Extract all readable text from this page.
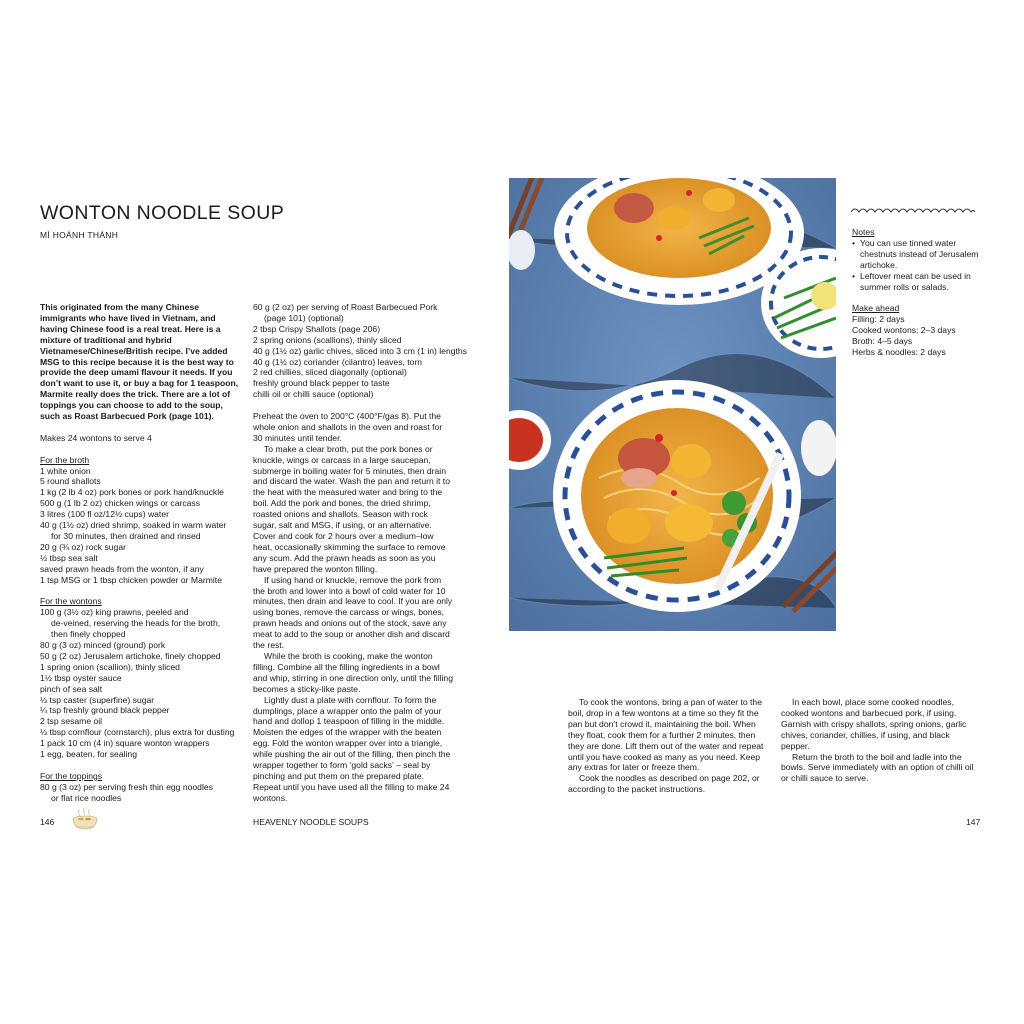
WONTON NOODLE SOUP
MÌ HOÀNH THÁNH

This originated from the many Chinese immigrants who have lived in Vietnam, and having Chinese food is a real treat. Here is a mixture of traditional and hybrid Vietnamese/Chinese/British recipe. I’ve added MSG to this recipe because it is the best way to provide the deep umami flavour it needs. If you don’t want to use it, or buy a bag for 1 teaspoon, Marmite really does the trick. There are a lot of toppings you can choose to add to the soup, such as Roast Barbecued Pork (page 101).

Makes 24 wontons to serve 4

For the broth

1 white onion

5 round shallots

1 kg (2 lb 4 oz) pork bones or pork hand/knuckle

500 g (1 lb 2 oz) chicken wings or carcass

3 litres (100 fl oz/12½ cups) water

40 g (1½ oz) dried shrimp, soaked in warm water

for 30 minutes, then drained and rinsed

20 g (¾ oz) rock sugar

½ tbsp sea salt

saved prawn heads from the wonton, if any

1 tsp MSG or 1 tbsp chicken powder or Marmite

For the wontons

100 g (3½ oz) king prawns, peeled and

de-veined, reserving the heads for the broth,

then finely chopped

80 g (3 oz) minced (ground) pork

50 g (2 oz) Jerusalem artichoke, finely chopped

1 spring onion (scallion), thinly sliced

1½ tbsp oyster sauce

pinch of sea salt

½ tsp caster (superfine) sugar

¼ tsp freshly ground black pepper

2 tsp sesame oil

½ tbsp cornflour (cornstarch), plus extra for dusting

1 pack 10 cm (4 in) square wonton wrappers

1 egg, beaten, for sealing

For the toppings

80 g (3 oz) per serving fresh thin egg noodles

or flat rice noodles

60 g (2 oz) per serving of Roast Barbecued Pork

(page 101) (optional)

2 tbsp Crispy Shallots (page 206)

2 spring onions (scallions), thinly sliced

40 g (1½ oz) garlic chives, sliced into 3 cm (1 in) lengths

40 g (1½ oz) coriander (cilantro) leaves, torn

2 red chillies, sliced diagonally (optional)

freshly ground black pepper to taste

chilli oil or chilli sauce (optional)

Preheat the oven to 200°C (400°F/gas 8). Put the whole onion and shallots in the oven and roast for 30 minutes until tender.

To make a clear broth, put the pork bones or knuckle, wings or carcass in a large saucepan, submerge in boiling water for 5 minutes, then drain and discard the water. Wash the pan and return it to the heat with the measured water and bring to the boil. Add the pork and bones, the dried shrimp, roasted onions and shallots. Season with rock sugar, salt and MSG, if using, or an alternative. Cover and cook for 2 hours over a medium–low heat, occasionally skimming the surface to remove any scum. Add the prawn heads as soon as you have prepared the wonton filling.

If using hand or knuckle, remove the pork from the broth and lower into a bowl of cold water for 10 minutes, then drain and leave to cool. If you are only using bones, remove the carcass or wings, bones, prawn heads and onions out of the stock, save any meat to add to the soup or another dish and discard the rest.

While the broth is cooking, make the wonton filling. Combine all the filling ingredients in a bowl and whip, stirring in one direction only, until the filling becomes a sticky-like paste.

Lightly dust a plate with cornflour. To form the dumplings, place a wrapper onto the palm of your hand and dollop 1 teaspoon of filling in the middle. Moisten the edges of the wrapper with the beaten egg. Fold the wonton wrapper over into a triangle, while pushing the air out of the filling, then pinch the wrapper together to form ‘gold sacks’ – seal by pinching and put them on the prepared plate. Repeat until you have used all the filling to make 24 wontons.

146	HEAVENLY NOODLE SOUPS

Notes

• You can use tinned water chestnuts instead of Jerusalem artichoke.
• Leftover meat can be used in summer rolls or salads.

Make ahead

Filling: 2 days

Cooked wontons: 2–3 days

Broth: 4–5 days

Herbs & noodles: 2 days

To cook the wontons, bring a pan of water to the boil, drop in a few wontons at a time so they fit the pan but don’t crowd it, maintaining the boil. When they float, cook them for a further 2 minutes, then they are done. Lift them out of the water and repeat until you have cooked as many as you need. Keep any extras for later or freeze them.

Cook the noodles as described on page 202, or according to the packet instructions.

In each bowl, place some cooked noodles, cooked wontons and barbecued pork, if using. Garnish with crispy shallots, spring onions, garlic chives, coriander, chillies, if using, and black pepper.

Return the broth to the boil and ladle into the bowls. Serve immediately with an option of chilli oil or chilli sauce to serve.

147
